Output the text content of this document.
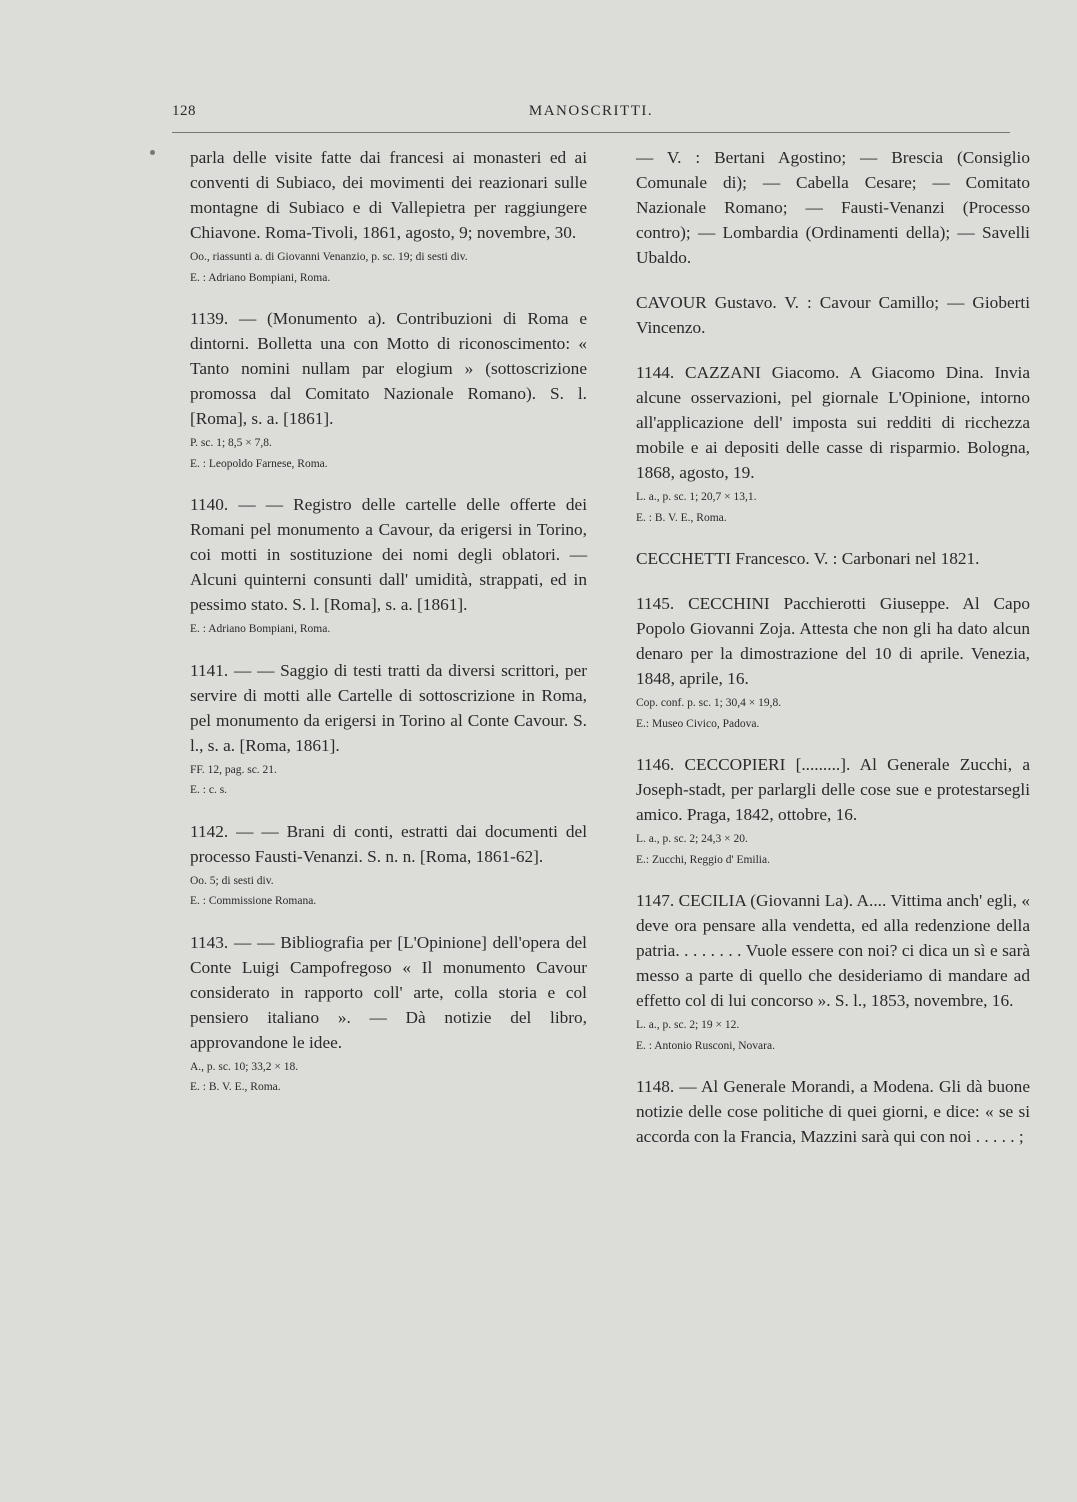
128	MANOSCRITTI.
parla delle visite fatte dai francesi ai monasteri ed ai conventi di Subiaco, dei movimenti dei reazionari sulle montagne di Subiaco e di Vallepietra per raggiungere Chiavone. Roma-Tivoli, 1861, agosto, 9; novembre, 30.
Oo., riassunti a. di Giovanni Venanzio, p. sc. 19; di sesti div.
E. : Adriano Bompiani, Roma.
1139. — (Monumento a). Contribuzioni di Roma e dintorni. Bolletta una con Motto di riconoscimento: « Tanto nomini nullam par elogium » (sottoscrizione promossa dal Comitato Nazionale Romano). S. l. [Roma], s. a. [1861].
P. sc. 1; 8,5 × 7,8.
E. : Leopoldo Farnese, Roma.
1140. — — Registro delle cartelle delle offerte dei Romani pel monumento a Cavour, da erigersi in Torino, coi motti in sostituzione dei nomi degli oblatori. — Alcuni quinterni consunti dall' umidità, strappati, ed in pessimo stato. S. l. [Roma], s. a. [1861].
E. : Adriano Bompiani, Roma.
1141. — — Saggio di testi tratti da diversi scrittori, per servire di motti alle Cartelle di sottoscrizione in Roma, pel monumento da erigersi in Torino al Conte Cavour. S. l., s. a. [Roma, 1861].
FF. 12, pag. sc. 21.
E. : c. s.
1142. — — Brani di conti, estratti dai documenti del processo Fausti-Venanzi. S. n. n. [Roma, 1861-62].
Oo. 5; di sesti div.
E. : Commissione Romana.
1143. — — Bibliografia per [L'Opinione] dell'opera del Conte Luigi Campofregoso « Il monumento Cavour considerato in rapporto coll' arte, colla storia e col pensiero italiano ». — Dà notizie del libro, approvandone le idee.
A., p. sc. 10; 33,2 × 18.
E. : B. V. E., Roma.
— V. : Bertani Agostino; — Brescia (Consiglio Comunale di); — Cabella Cesare; — Comitato Nazionale Romano; — Fausti-Venanzi (Processo contro); — Lombardia (Ordinamenti della); — Savelli Ubaldo.
CAVOUR Gustavo. V. : Cavour Camillo; — Gioberti Vincenzo.
1144. CAZZANI Giacomo. A Giacomo Dina. Invia alcune osservazioni, pel giornale L'Opinione, intorno all'applicazione dell' imposta sui redditi di ricchezza mobile e ai depositi delle casse di risparmio. Bologna, 1868, agosto, 19.
L. a., p. sc. 1; 20,7 × 13,1.
E. : B. V. E., Roma.
CECCHETTI Francesco. V. : Carbonari nel 1821.
1145. CECCHINI Pacchierotti Giuseppe. Al Capo Popolo Giovanni Zoja. Attesta che non gli ha dato alcun denaro per la dimostrazione del 10 di aprile. Venezia, 1848, aprile, 16.
Cop. conf. p. sc. 1; 30,4 × 19,8.
E.: Museo Civico, Padova.
1146. CECCOPIERI [.........]. Al Generale Zucchi, a Joseph-stadt, per parlargli delle cose sue e protestarsegli amico. Praga, 1842, ottobre, 16.
L. a., p. sc. 2; 24,3 × 20.
E.: Zucchi, Reggio d' Emilia.
1147. CECILIA (Giovanni La). A.... Vittima anch' egli, « deve ora pensare alla vendetta, ed alla redenzione della patria. . . . . . . . Vuole essere con noi? ci dica un sì e sarà messo a parte di quello che desideriamo di mandare ad effetto col di lui concorso ». S. l., 1853, novembre, 16.
L. a., p. sc. 2; 19 × 12.
E. : Antonio Rusconi, Novara.
1148. — Al Generale Morandi, a Modena. Gli dà buone notizie delle cose politiche di quei giorni, e dice: « se si accorda con la Francia, Mazzini sarà qui con noi . . . . . ;
